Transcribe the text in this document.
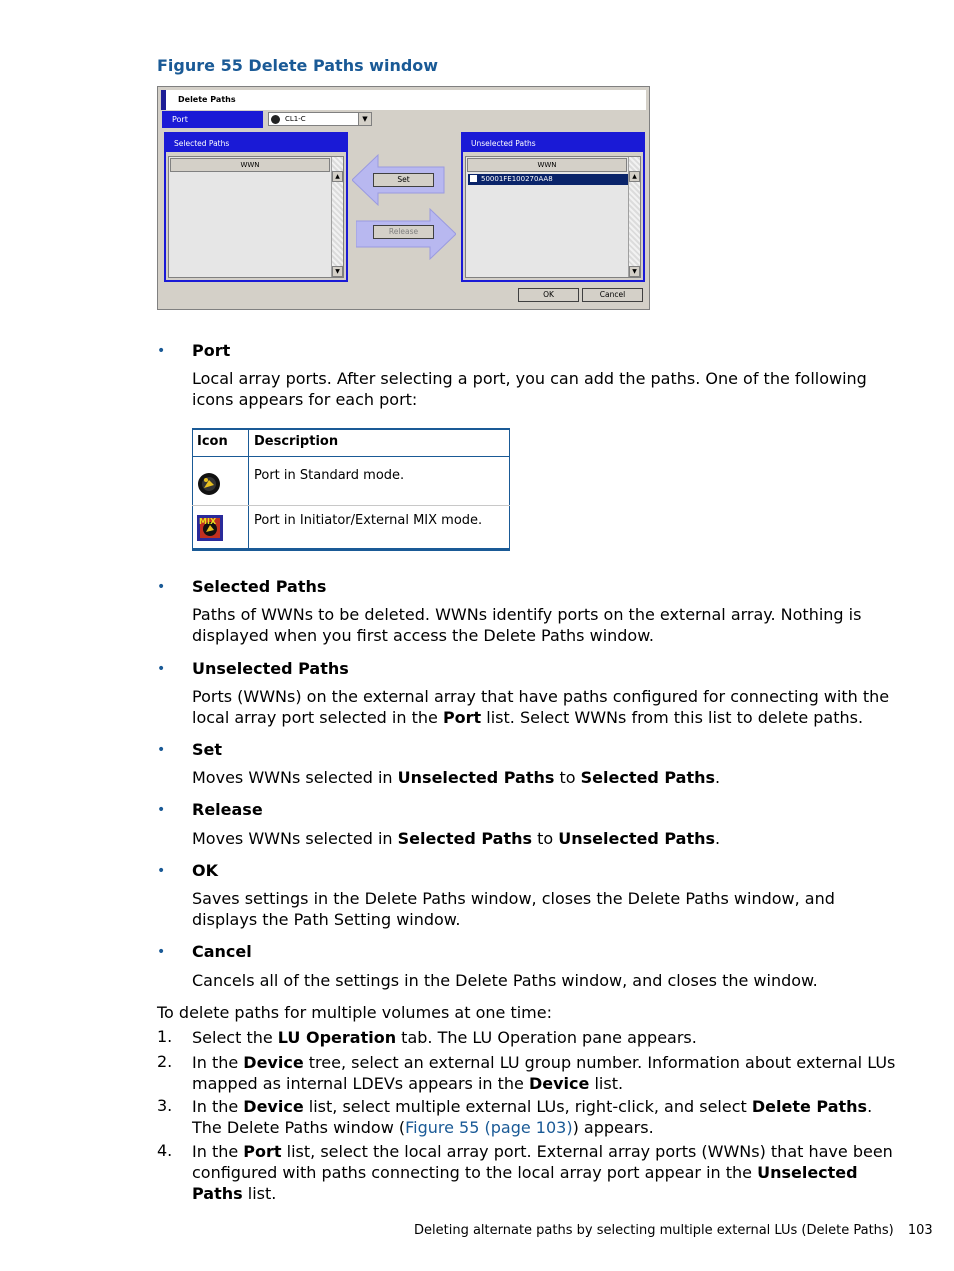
Figure 55 Delete Paths window
Delete Paths
Port	CL1-C	▼
Selected Paths
WWN
▲
▼
Set
Release
Unselected Paths
WWN
50001FE100270AA8	▲
▼
OK	Cancel
• Port
Local array ports. After selecting a port, you can add the paths. One of the following icons appears for each port:
Icon Description
Port in Standard mode.
MIX	Port in Initiator/External MIX mode.
• Selected Paths
Paths of WWNs to be deleted. WWNs identify ports on the external array. Nothing is displayed when you first access the Delete Paths window.
• Unselected Paths
Ports (WWNs) on the external array that have paths configured for connecting with the local array port selected in the Port list. Select WWNs from this list to delete paths.
• Set
Moves WWNs selected in Unselected Paths to Selected Paths.
• Release
Moves WWNs selected in Selected Paths to Unselected Paths.
• OK
Saves settings in the Delete Paths window, closes the Delete Paths window, and displays the Path Setting window.
• Cancel
Cancels all of the settings in the Delete Paths window, and closes the window.
To delete paths for multiple volumes at one time:
1. Select the LU Operation tab. The LU Operation pane appears.
2. In the Device tree, select an external LU group number. Information about external LUs mapped as internal LDEVs appears in the Device list.
3. In the Device list, select multiple external LUs, right-click, and select Delete Paths. The Delete Paths window (Figure 55 (page 103)) appears.
4. In the Port list, select the local array port. External array ports (WWNs) that have been configured with paths connecting to the local array port appear in the Unselected Paths list.
Deleting alternate paths by selecting multiple external LUs (Delete Paths) 103
